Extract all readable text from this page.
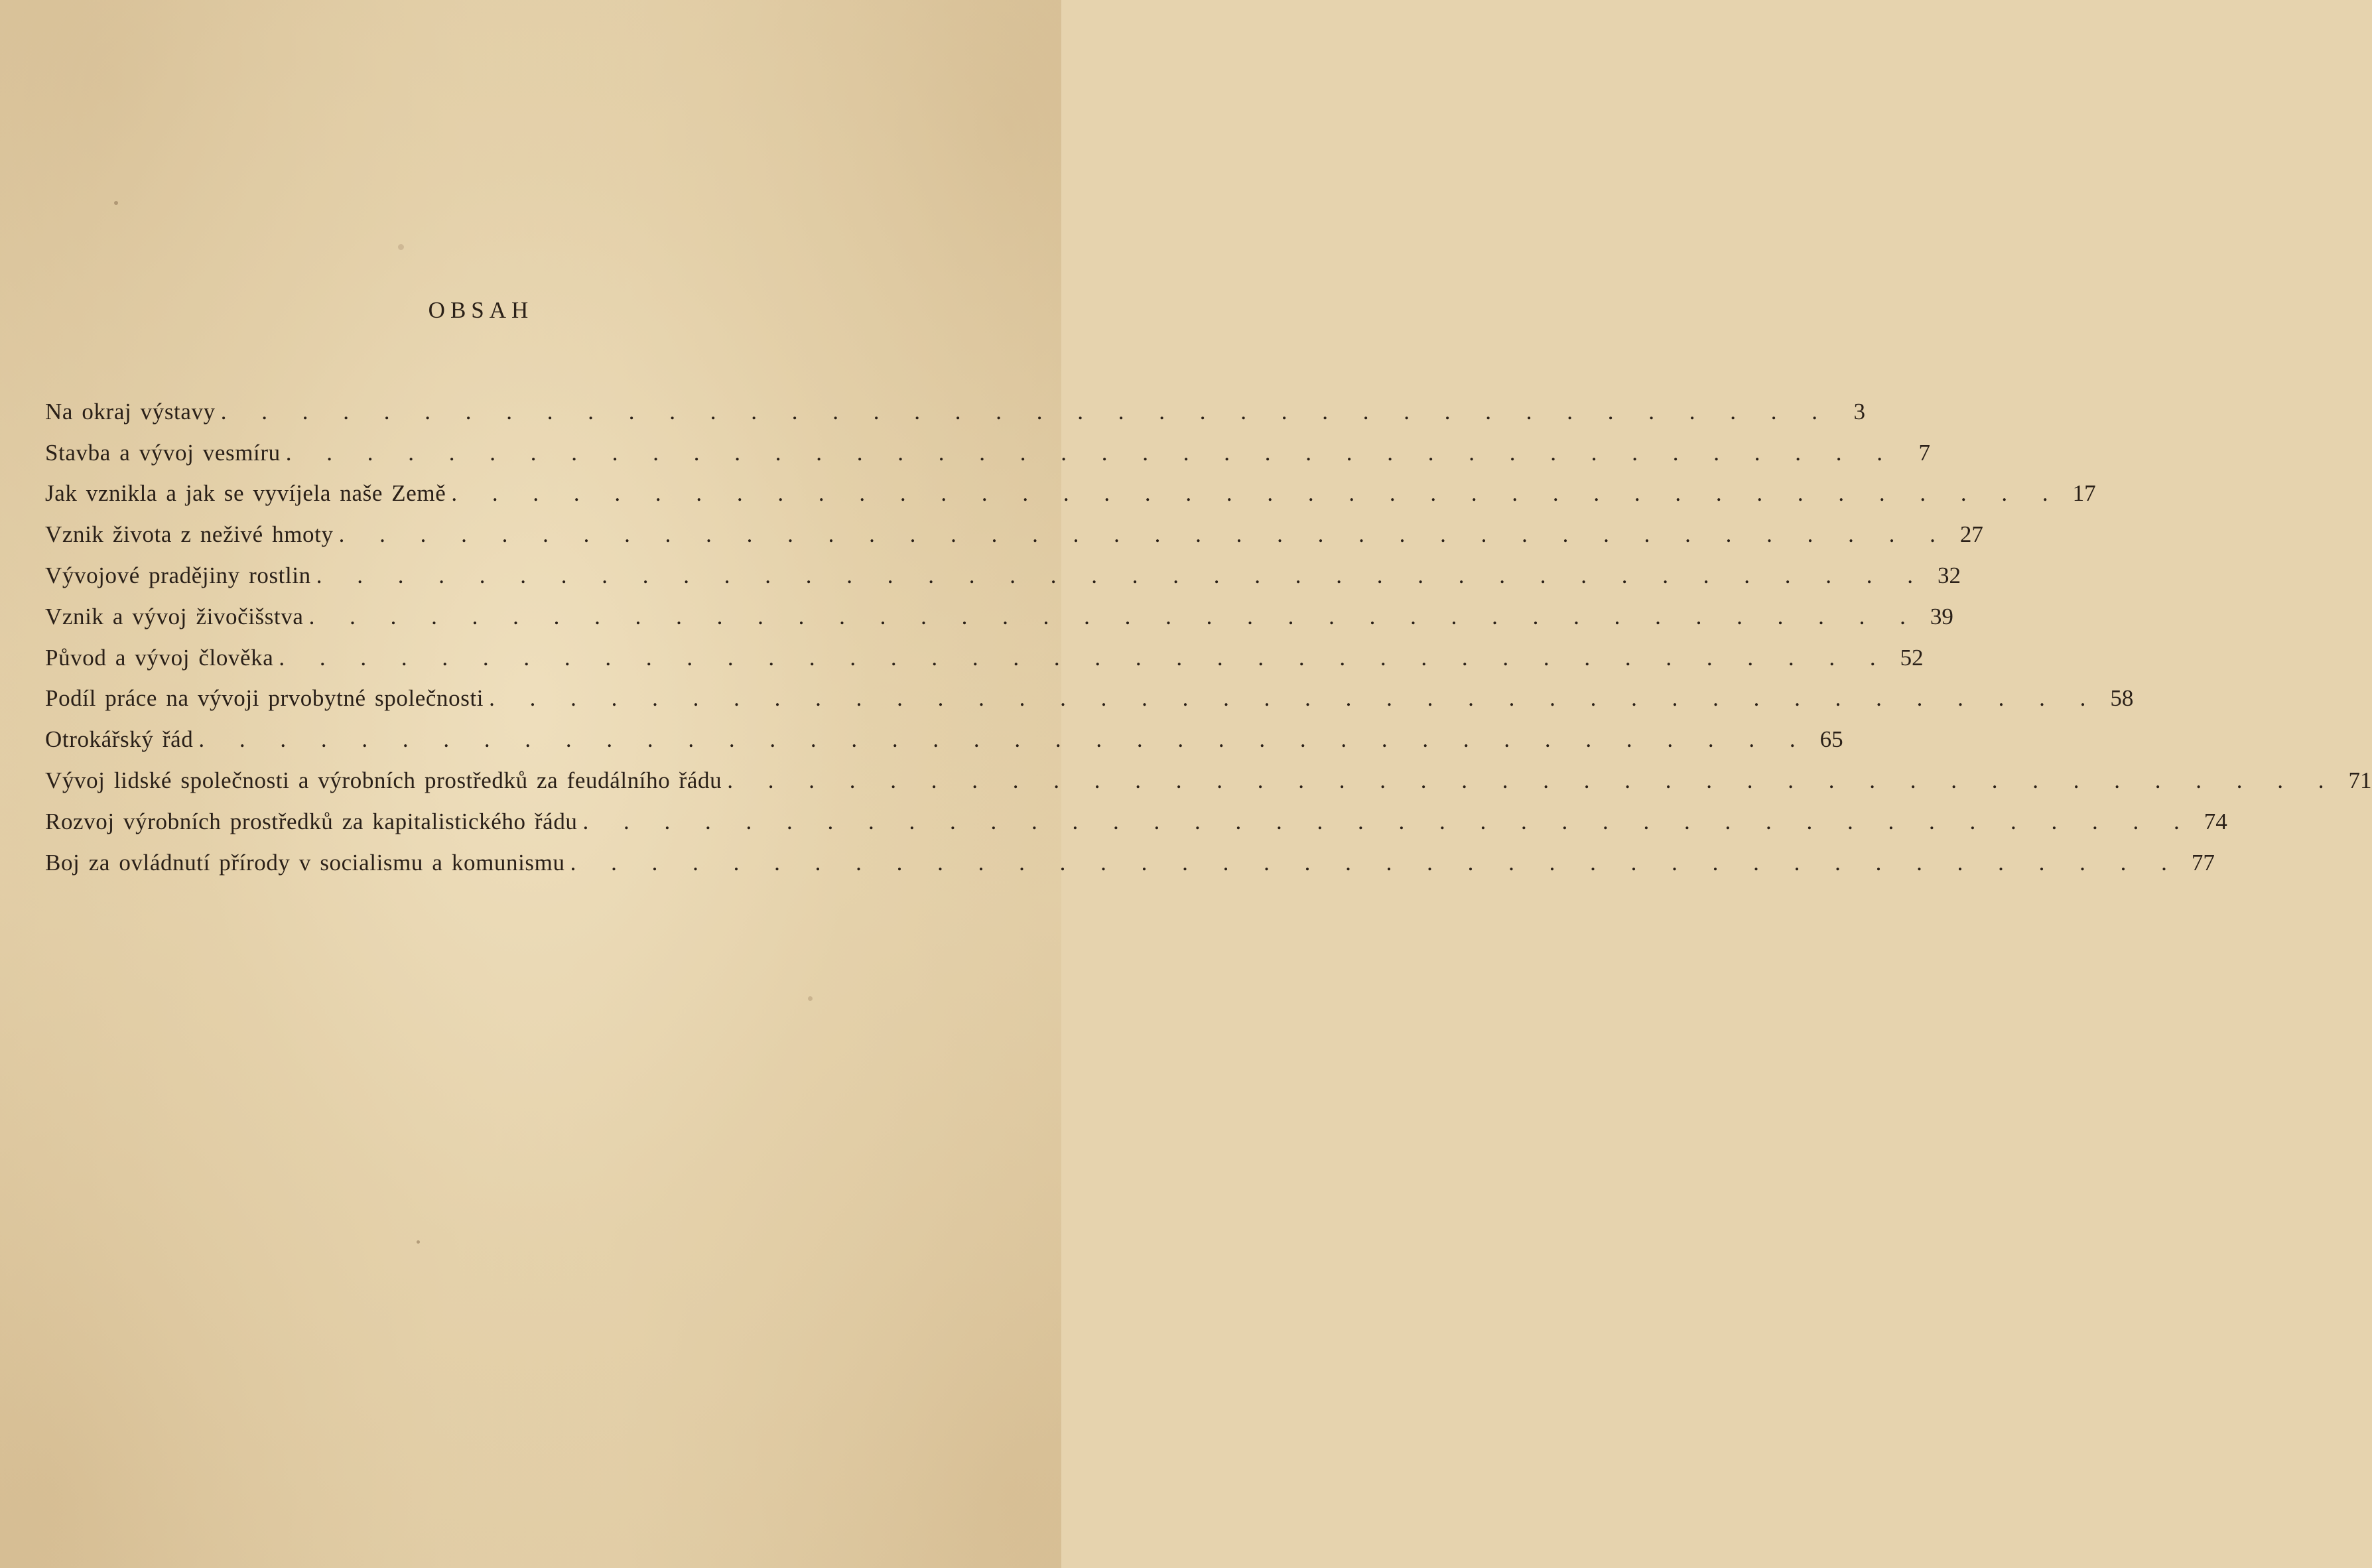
OBSAH
Na okraj výstavy . . . . . . . . . . . . . . . . . . . . . . . . . . . . . . . . . . . . . . . . 3
Stavba a vývoj vesmíru . . . . . . . . . . . . . . . . . . . . . . . . . . . . . . . . . . . . . . . . 7
Jak vznikla a jak se vyvíjela naše Země . . . . . . . . . . . . . . . . . . . . . . . . . . . . . . . . . . . . . . . . 17
Vznik života z neživé hmoty . . . . . . . . . . . . . . . . . . . . . . . . . . . . . . . . . . . . . . . . 27
Vývojové pradějiny rostlin . . . . . . . . . . . . . . . . . . . . . . . . . . . . . . . . . . . . . . . . 32
Vznik a vývoj živočišstva . . . . . . . . . . . . . . . . . . . . . . . . . . . . . . . . . . . . . . . . 39
Původ a vývoj člověka . . . . . . . . . . . . . . . . . . . . . . . . . . . . . . . . . . . . . . . . 52
Podíl práce na vývoji prvobytné společnosti . . . . . . . . . . . . . . . . . . . . . . . . . . . . . . . . . . . . . . . . 58
Otrokářský řád . . . . . . . . . . . . . . . . . . . . . . . . . . . . . . . . . . . . . . . . 65
Vývoj lidské společnosti a výrobních prostředků za feudálního řádu . . . . . . . . . . . . . . . . . . . . . . . . . . . . . . . . . . . . . . . . 71
Rozvoj výrobních prostředků za kapitalistického řádu . . . . . . . . . . . . . . . . . . . . . . . . . . . . . . . . . . . . . . . . 74
Boj za ovládnutí přírody v socialismu a komunismu . . . . . . . . . . . . . . . . . . . . . . . . . . . . . . . . . . . . . . . . 77
